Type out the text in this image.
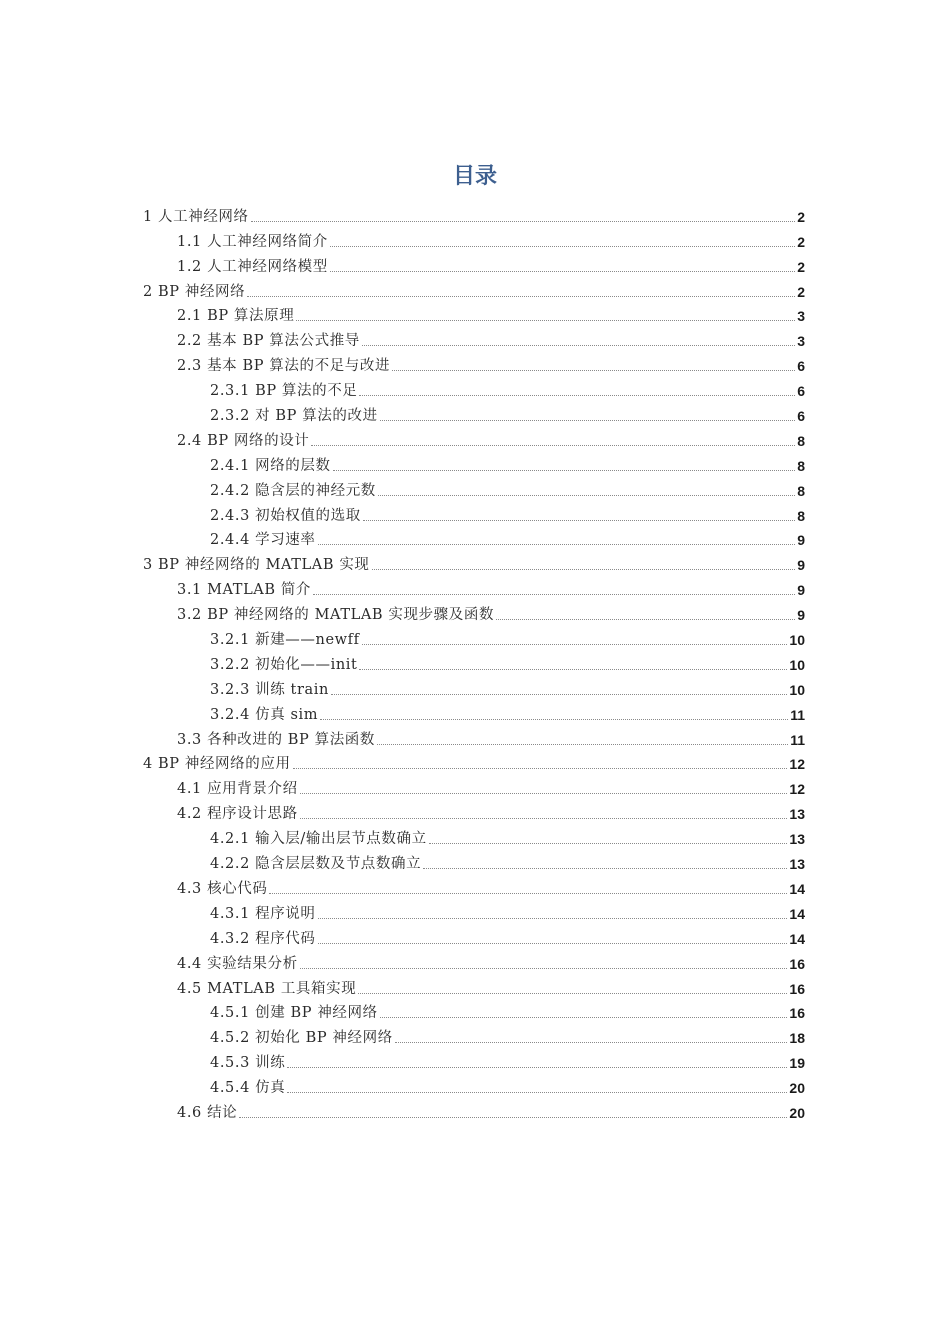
目录
1 人工神经网络	2
1.1 人工神经网络简介	2
1.2 人工神经网络模型	2
2 BP 神经网络	2
2.1 BP 算法原理	3
2.2 基本 BP 算法公式推导	3
2.3 基本 BP 算法的不足与改进	6
2.3.1 BP 算法的不足	6
2.3.2 对 BP 算法的改进	6
2.4 BP 网络的设计	8
2.4.1 网络的层数	8
2.4.2 隐含层的神经元数	8
2.4.3 初始权值的选取	8
2.4.4 学习速率	9
3 BP 神经网络的 MATLAB 实现	9
3.1 MATLAB 简介	9
3.2 BP 神经网络的 MATLAB 实现步骤及函数	9
3.2.1 新建——newff	10
3.2.2 初始化——init	10
3.2.3 训练 train	10
3.2.4 仿真 sim	11
3.3 各种改进的 BP 算法函数	11
4 BP 神经网络的应用	12
4.1 应用背景介绍	12
4.2 程序设计思路	13
4.2.1 输入层/输出层节点数确立	13
4.2.2 隐含层层数及节点数确立	13
4.3 核心代码	14
4.3.1 程序说明	14
4.3.2 程序代码	14
4.4 实验结果分析	16
4.5 MATLAB 工具箱实现	16
4.5.1 创建 BP 神经网络	16
4.5.2 初始化 BP 神经网络	18
4.5.3 训练	19
4.5.4 仿真	20
4.6 结论	20
